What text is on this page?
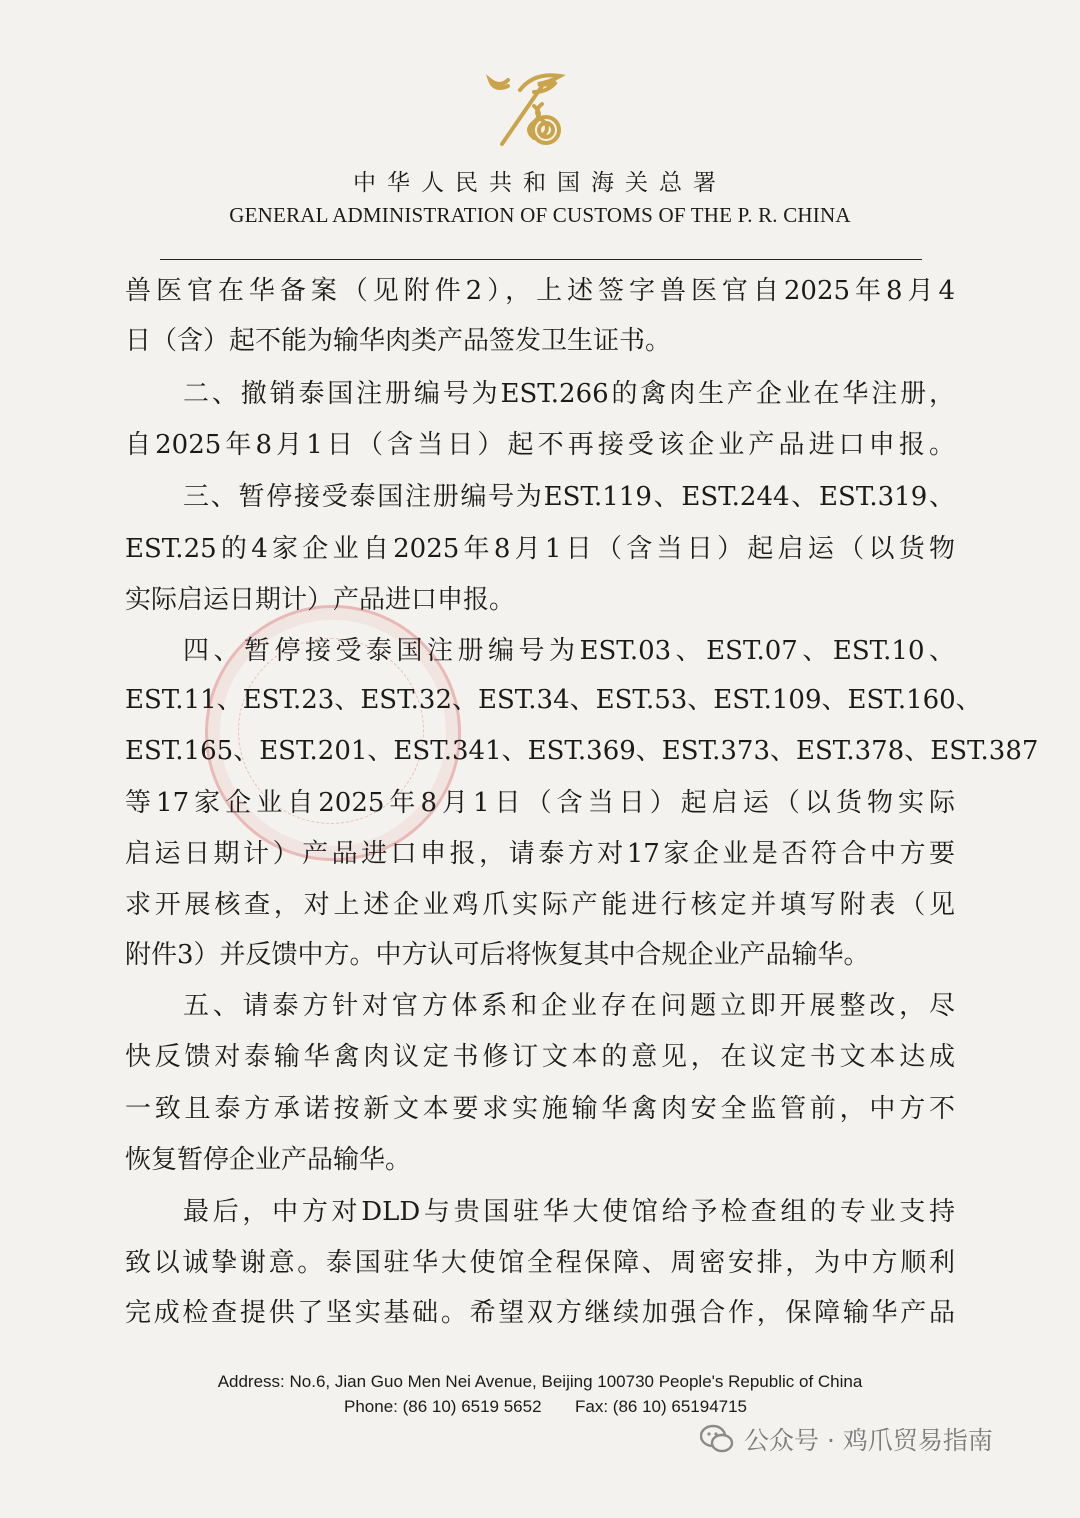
中华人民共和国海关总署
GENERAL ADMINISTRATION OF CUSTOMS OF THE P. R. CHINA
兽医官在华备案（见附件2），上述签字兽医官自2025年8月4
日（含）起不能为输华肉类产品签发卫生证书。
二、撤销泰国注册编号为EST.266的禽肉生产企业在华注册，
自2025年8月1日（含当日）起不再接受该企业产品进口申报。
三、暂停接受泰国注册编号为EST.119、EST.244、EST.319、
EST.25的4家企业自2025年8月1日（含当日）起启运（以货物
实际启运日期计）产品进口申报。
四、暂停接受泰国注册编号为EST.03、EST.07、EST.10、
EST.11、EST.23、EST.32、EST.34、EST.53、EST.109、EST.160、
EST.165、EST.201、EST.341、EST.369、EST.373、EST.378、EST.387
等17家企业自2025年8月1日（含当日）起启运（以货物实际
启运日期计）产品进口申报，请泰方对17家企业是否符合中方要
求开展核查，对上述企业鸡爪实际产能进行核定并填写附表（见
附件3）并反馈中方。中方认可后将恢复其中合规企业产品输华。
五、请泰方针对官方体系和企业存在问题立即开展整改，尽
快反馈对泰输华禽肉议定书修订文本的意见，在议定书文本达成
一致且泰方承诺按新文本要求实施输华禽肉安全监管前，中方不
恢复暂停企业产品输华。
最后，中方对DLD与贵国驻华大使馆给予检查组的专业支持
致以诚挚谢意。泰国驻华大使馆全程保障、周密安排，为中方顺利
完成检查提供了坚实基础。希望双方继续加强合作，保障输华产品
Address: No.6, Jian Guo Men Nei Avenue, Beijing 100730 People's Republic of China
Phone: (86 10) 6519 5652 Fax: (86 10) 65194715
公众号 · 鸡爪贸易指南
